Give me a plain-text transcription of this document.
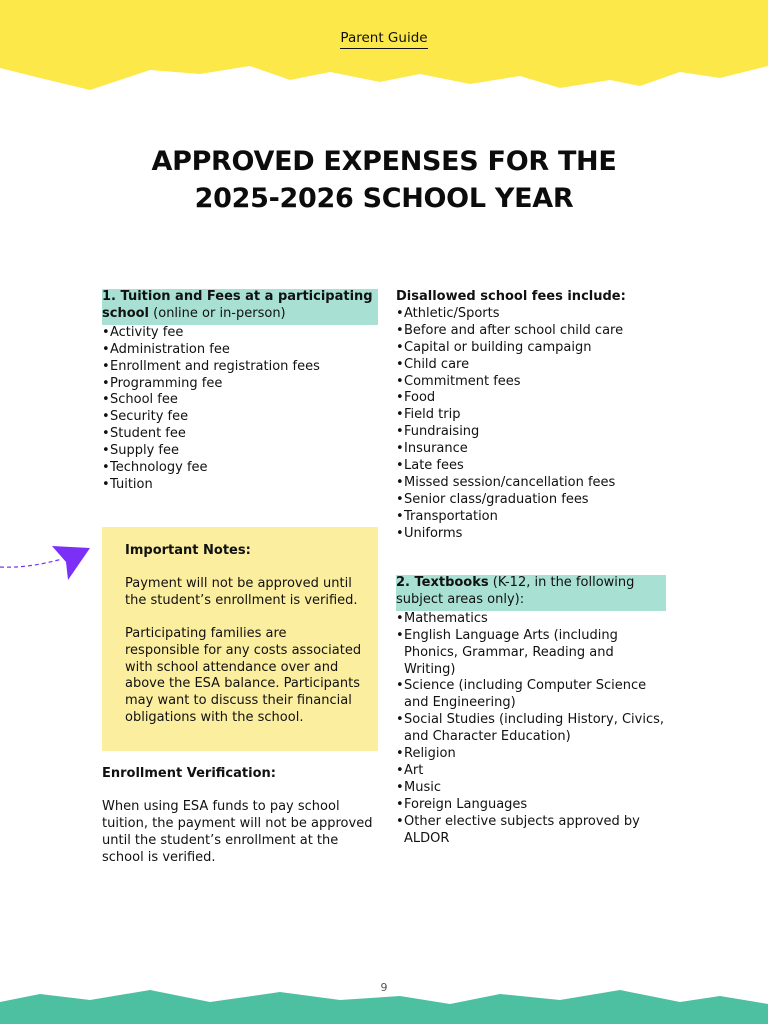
Parent Guide
APPROVED EXPENSES FOR THE
2025-2026 SCHOOL YEAR
1. Tuition and Fees at a participating school (online or in-person)
• Activity fee
• Administration fee
• Enrollment and registration fees
• Programming fee
• School fee
• Security fee
• Student fee
• Supply fee
• Technology fee
• Tuition

Important Notes:

Payment will not be approved until the student’s enrollment is verified.

Participating families are responsible for any costs associated with school attendance over and above the ESA balance. Participants may want to discuss their financial obligations with the school.

Enrollment Verification:

When using ESA funds to pay school tuition, the payment will not be approved until the student’s enrollment at the school is verified.

Disallowed school fees include:

• Athletic/Sports
• Before and after school child care
• Capital or building campaign
• Child care
• Commitment fees
• Food
• Field trip
• Fundraising
• Insurance
• Late fees
• Missed session/cancellation fees
• Senior class/graduation fees
• Transportation
• Uniforms
2. Textbooks (K-12, in the following subject areas only):
• Mathematics
• English Language Arts (including Phonics, Grammar, Reading and Writing)
• Science (including Computer Science and Engineering)
• Social Studies (including History, Civics, and Character Education)
• Religion
• Art
• Music
• Foreign Languages
• Other elective subjects approved by ALDOR
9
